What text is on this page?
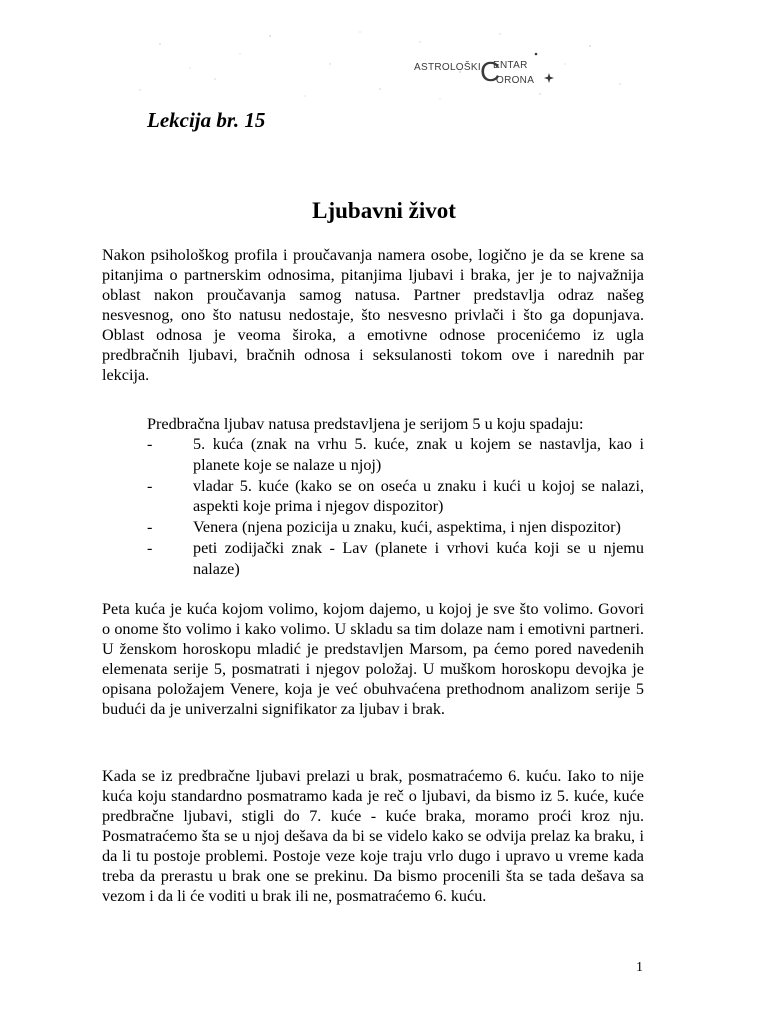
ASTROLOŠKI C
ENTAR
ORONA
Lekcija br. 15
Ljubavni život
Nakon psihološkog profila i proučavanja namera osobe, logično je da se krene sa pitanjima o partnerskim odnosima, pitanjima ljubavi i braka, jer je to najvažnija oblast nakon proučavanja samog natusa. Partner predstavlja odraz našeg nesvesnog, ono što natusu nedostaje, što nesvesno privlači i što ga dopunjava. Oblast odnosa je veoma široka, a emotivne odnose procenićemo iz ugla predbračnih ljubavi, bračnih odnosa i seksulanosti tokom ove i narednih par lekcija.
Predbračna ljubav natusa predstavljena je serijom 5 u koju spadaju:
-	5. kuća (znak na vrhu 5. kuće, znak u kojem se nastavlja, kao i planete koje se nalaze u njoj)
-	vladar 5. kuće (kako se on oseća u znaku i kući u kojoj se nalazi, aspekti koje prima i njegov dispozitor)
-	Venera (njena pozicija u znaku, kući, aspektima, i njen dispozitor)
-	peti zodijački znak - Lav (planete i vrhovi kuća koji se u njemu nalaze)
Peta kuća je kuća kojom volimo, kojom dajemo, u kojoj je sve što volimo. Govori o onome što volimo i kako volimo. U skladu sa tim dolaze nam i emotivni partneri. U ženskom horoskopu mladić je predstavljen Marsom, pa ćemo pored navedenih elemenata serije 5, posmatrati i njegov položaj. U muškom horoskopu devojka je opisana položajem Venere, koja je već obuhvaćena prethodnom analizom serije 5 budući da je univerzalni signifikator za ljubav i brak.
Kada se iz predbračne ljubavi prelazi u brak, posmatraćemo 6. kuću. Iako to nije kuća koju standardno posmatramo kada je reč o ljubavi, da bismo iz 5. kuće, kuće predbračne ljubavi, stigli do 7. kuće - kuće braka, moramo proći kroz nju. Posmatraćemo šta se u njoj dešava da bi se videlo kako se odvija prelaz ka braku, i da li tu postoje problemi. Postoje veze koje traju vrlo dugo i upravo u vreme kada treba da prerastu u brak one se prekinu. Da bismo procenili šta se tada dešava sa vezom i da li će voditi u brak ili ne, posmatraćemo 6. kuću.
1
